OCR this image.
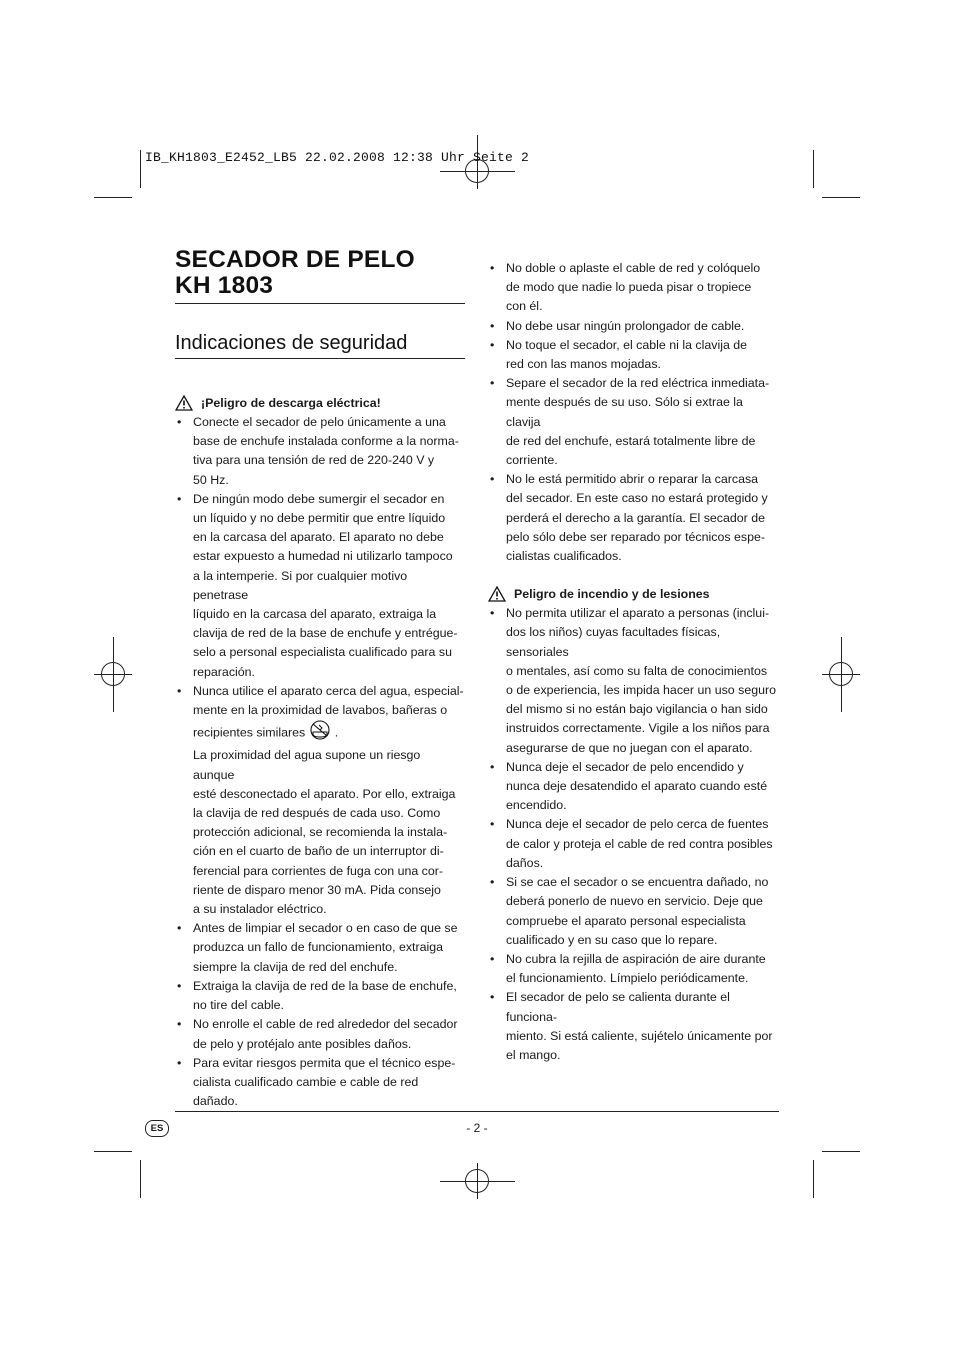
IB_KH1803_E2452_LB5 22.02.2008 12:38 Uhr Seite 2
SECADOR DE PELO
KH 1803
Indicaciones de seguridad
¡Peligro de descarga eléctrica!
• Conecte el secador de pelo únicamente a una
base de enchufe instalada conforme a la norma-
tiva para una tensión de red de 220-240 V y
50 Hz.
• De ningún modo debe sumergir el secador en
un líquido y no debe permitir que entre líquido
en la carcasa del aparato. El aparato no debe
estar expuesto a humedad ni utilizarlo tampoco
a la intemperie. Si por cualquier motivo penetrase
líquido en la carcasa del aparato, extraiga la
clavija de red de la base de enchufe y entrégue-
selo a personal especialista cualificado para su
reparación.
• Nunca utilice el aparato cerca del agua, especial-
mente en la proximidad de lavabos, bañeras o
recipientes similares .
La proximidad del agua supone un riesgo aunque
esté desconectado el aparato. Por ello, extraiga
la clavija de red después de cada uso. Como
protección adicional, se recomienda la instala-
ción en el cuarto de baño de un interruptor di-
ferencial para corrientes de fuga con una cor-
riente de disparo menor 30 mA. Pida consejo
a su instalador eléctrico.
• Antes de limpiar el secador o en caso de que se
produzca un fallo de funcionamiento, extraiga
siempre la clavija de red del enchufe.
• Extraiga la clavija de red de la base de enchufe,
no tire del cable.
• No enrolle el cable de red alrededor del secador
de pelo y protéjalo ante posibles daños.
• Para evitar riesgos permita que el técnico espe-
cialista cualificado cambie e cable de red
dañado.
• No doble o aplaste el cable de red y colóquelo
de modo que nadie lo pueda pisar o tropiece
con él.
• No debe usar ningún prolongador de cable.
• No toque el secador, el cable ni la clavija de
red con las manos mojadas.
• Separe el secador de la red eléctrica inmediata-
mente después de su uso. Sólo si extrae la clavija
de red del enchufe, estará totalmente libre de
corriente.
• No le está permitido abrir o reparar la carcasa
del secador. En este caso no estará protegido y
perderá el derecho a la garantía. El secador de
pelo sólo debe ser reparado por técnicos espe-
cialistas cualificados.
Peligro de incendio y de lesiones
• No permita utilizar el aparato a personas (inclui-
dos los niños) cuyas facultades físicas, sensoriales
o mentales, así como su falta de conocimientos
o de experiencia, les impida hacer un uso seguro
del mismo si no están bajo vigilancia o han sido
instruidos correctamente. Vigile a los niños para
asegurarse de que no juegan con el aparato.
• Nunca deje el secador de pelo encendido y
nunca deje desatendido el aparato cuando esté
encendido.
• Nunca deje el secador de pelo cerca de fuentes
de calor y proteja el cable de red contra posibles
daños.
• Si se cae el secador o se encuentra dañado, no
deberá ponerlo de nuevo en servicio. Deje que
compruebe el aparato personal especialista
cualificado y en su caso que lo repare.
• No cubra la rejilla de aspiración de aire durante
el funcionamiento. Límpielo periódicamente.
• El secador de pelo se calienta durante el funciona-
miento. Si está caliente, sujételo únicamente por
el mango.
ES	- 2 -
